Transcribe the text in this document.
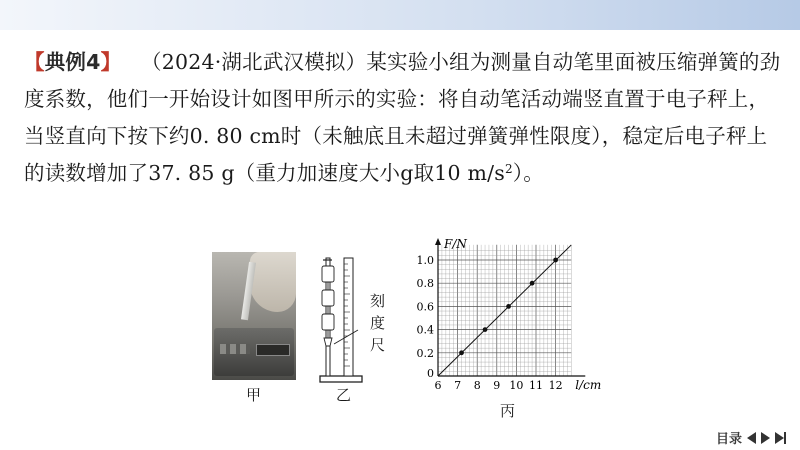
【典例4】 （2024·湖北武汉模拟）某实验小组为测量自动笔里面被压缩弹簧的劲度系数，他们一开始设计如图甲所示的实验：将自动笔活动端竖直置于电子秤上，当竖直向下按下约0. 80 cm时（未触底且未超过弹簧弹性限度），稳定后电子秤上的读数增加了37. 85 g（重力加速度大小g取10 $m/s^2$）。
甲
刻
度
尺
乙
6 7 8 9 10 11 12
0.2
0.4
0.6
0.8
1.0
0
F/N
l/cm
丙
目录
